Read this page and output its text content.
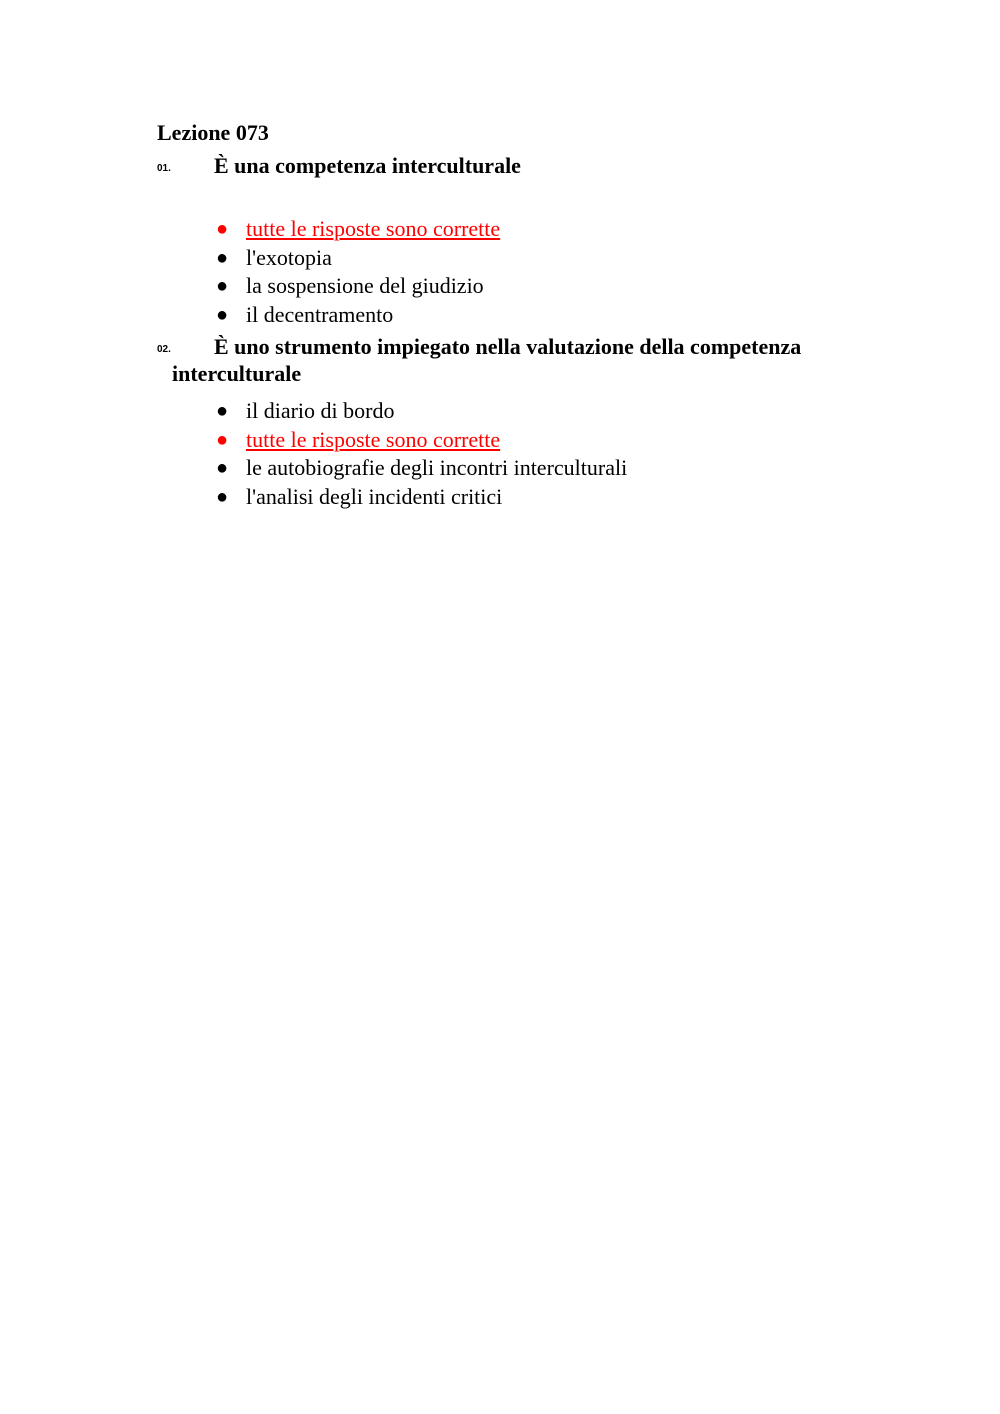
Lezione 073
01.	È una competenza interculturale

● tutte le risposte sono corrette
● l'exotopia
● la sospensione del giudizio
● il decentramento
02.	È uno strumento impiegato nella valutazione della competenza interculturale

● il diario di bordo
● tutte le risposte sono corrette
● le autobiografie degli incontri interculturali
● l'analisi degli incidenti critici
